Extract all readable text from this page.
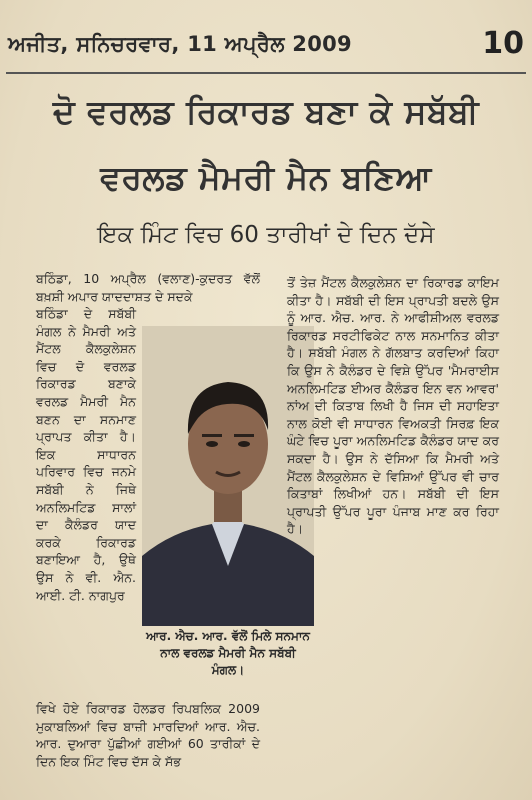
ਅਜੀਤ, ਸਨਿਚਰਵਾਰ, 11 ਅਪ੍ਰੈਲ 2009	10
ਦੋ ਵਰਲਡ ਰਿਕਾਰਡ ਬਣਾ ਕੇ ਸਬੱਬੀ
ਵਰਲਡ ਮੈਮਰੀ ਮੈਨ ਬਣਿਆ
ਇਕ ਮਿੰਟ ਵਿਚ 60 ਤਾਰੀਖਾਂ ਦੇ ਦਿਨ ਦੱਸੇ
ਬਠਿੰਡਾ, 10 ਅਪ੍ਰੈਲ (ਵਲਾਣ)-ਕੁਦਰਤ ਵੱਲੋਂ ਬਖ਼ਸ਼ੀ ਅਪਾਰ ਯਾਦਦਾਸ਼ਤ ਦੇ ਸਦਕੇ
ਬਠਿੰਡਾ ਦੇ ਸਬੱਬੀ ਮੰਗਲ ਨੇ ਮੈਮਰੀ ਅਤੇ ਮੈਂਟਲ ਕੈਲਕੁਲੇਸ਼ਨ ਵਿਚ ਦੋ ਵਰਲਡ ਰਿਕਾਰਡ ਬਣਾਕੇ ਵਰਲਡ ਮੈਮਰੀ ਮੈਨ ਬਣਨ ਦਾ ਸਨਮਾਣ ਪ੍ਰਾਪਤ ਕੀਤਾ ਹੈ। ਇਕ ਸਾਧਾਰਨ ਪਰਿਵਾਰ ਵਿਚ ਜਨਮੇ ਸਬੱਬੀ ਨੇ ਜਿਥੇ ਅਨਲਿਮਟਿਡ ਸਾਲਾਂ ਦਾ ਕੈਲੰਡਰ ਯਾਦ ਕਰਕੇ ਰਿਕਾਰਡ ਬਣਾਇਆ ਹੈ, ਉਥੇ ਉਸ ਨੇ ਵੀ. ਐਨ. ਆਈ. ਟੀ. ਨਾਗਪੁਰ
ਆਰ. ਐਚ. ਆਰ. ਵੱਲੋਂ ਮਿਲੇ ਸਨਮਾਨ ਨਾਲ ਵਰਲਡ ਮੈਮਰੀ ਮੈਨ ਸਬੱਬੀ ਮੰਗਲ।
ਵਿਖੇ ਹੋਏ ਰਿਕਾਰਡ ਹੋਲਡਰ ਰਿਪਬਲਿਕ 2009 ਮੁਕਾਬਲਿਆਂ ਵਿਚ ਬਾਜ਼ੀ ਮਾਰਦਿਆਂ ਆਰ. ਐਚ. ਆਰ. ਦੁਆਰਾ ਪੁੱਛੀਆਂ ਗਈਆਂ 60 ਤਾਰੀਕਾਂ ਦੇ ਦਿਨ ਇਕ ਮਿੰਟ ਵਿਚ ਦੱਸ ਕੇ ਸੱਭ
ਤੋਂ ਤੇਜ਼ ਮੈਂਟਲ ਕੈਲਕੁਲੇਸ਼ਨ ਦਾ ਰਿਕਾਰਡ ਕਾਇਮ ਕੀਤਾ ਹੈ। ਸਬੱਬੀ ਦੀ ਇਸ ਪ੍ਰਾਪਤੀ ਬਦਲੇ ਉਸ ਨੂੰ ਆਰ. ਐਚ. ਆਰ. ਨੇ ਆਫੀਸ਼ੀਅਲ ਵਰਲਡ ਰਿਕਾਰਡ ਸਰਟੀਫਿਕੇਟ ਨਾਲ ਸਨਮਾਨਿਤ ਕੀਤਾ ਹੈ। ਸਬੱਬੀ ਮੰਗਲ ਨੇ ਗੱਲਬਾਤ ਕਰਦਿਆਂ ਕਿਹਾ ਕਿ ਉਸ ਨੇ ਕੈਲੰਡਰ ਦੇ ਵਿਸ਼ੇ ਉੱਪਰ 'ਮੈਮਰਾਈਸ ਅਨਲਿਮਟਿਡ ਈਅਰ ਕੈਲੰਡਰ ਇਨ ਵਨ ਆਵਰ' ਨਾਂਅ ਦੀ ਕਿਤਾਬ ਲਿਖੀ ਹੈ ਜਿਸ ਦੀ ਸਹਾਇਤਾ ਨਾਲ ਕੋਈ ਵੀ ਸਾਧਾਰਨ ਵਿਅਕਤੀ ਸਿਰਫ਼ ਇਕ ਘੰਟੇ ਵਿਚ ਪੂਰਾ ਅਨਲਿਮਟਿਡ ਕੈਲੰਡਰ ਯਾਦ ਕਰ ਸਕਦਾ ਹੈ। ਉਸ ਨੇ ਦੱਸਿਆ ਕਿ ਮੈਮਰੀ ਅਤੇ ਮੈਂਟਲ ਕੈਲਕੁਲੇਸ਼ਨ ਦੇ ਵਿਸ਼ਿਆਂ ਉੱਪਰ ਵੀ ਚਾਰ ਕਿਤਾਬਾਂ ਲਿਖੀਆਂ ਹਨ। ਸਬੱਬੀ ਦੀ ਇਸ ਪ੍ਰਾਪਤੀ ਉੱਪਰ ਪੂਰਾ ਪੰਜਾਬ ਮਾਣ ਕਰ ਰਿਹਾ ਹੈ।
